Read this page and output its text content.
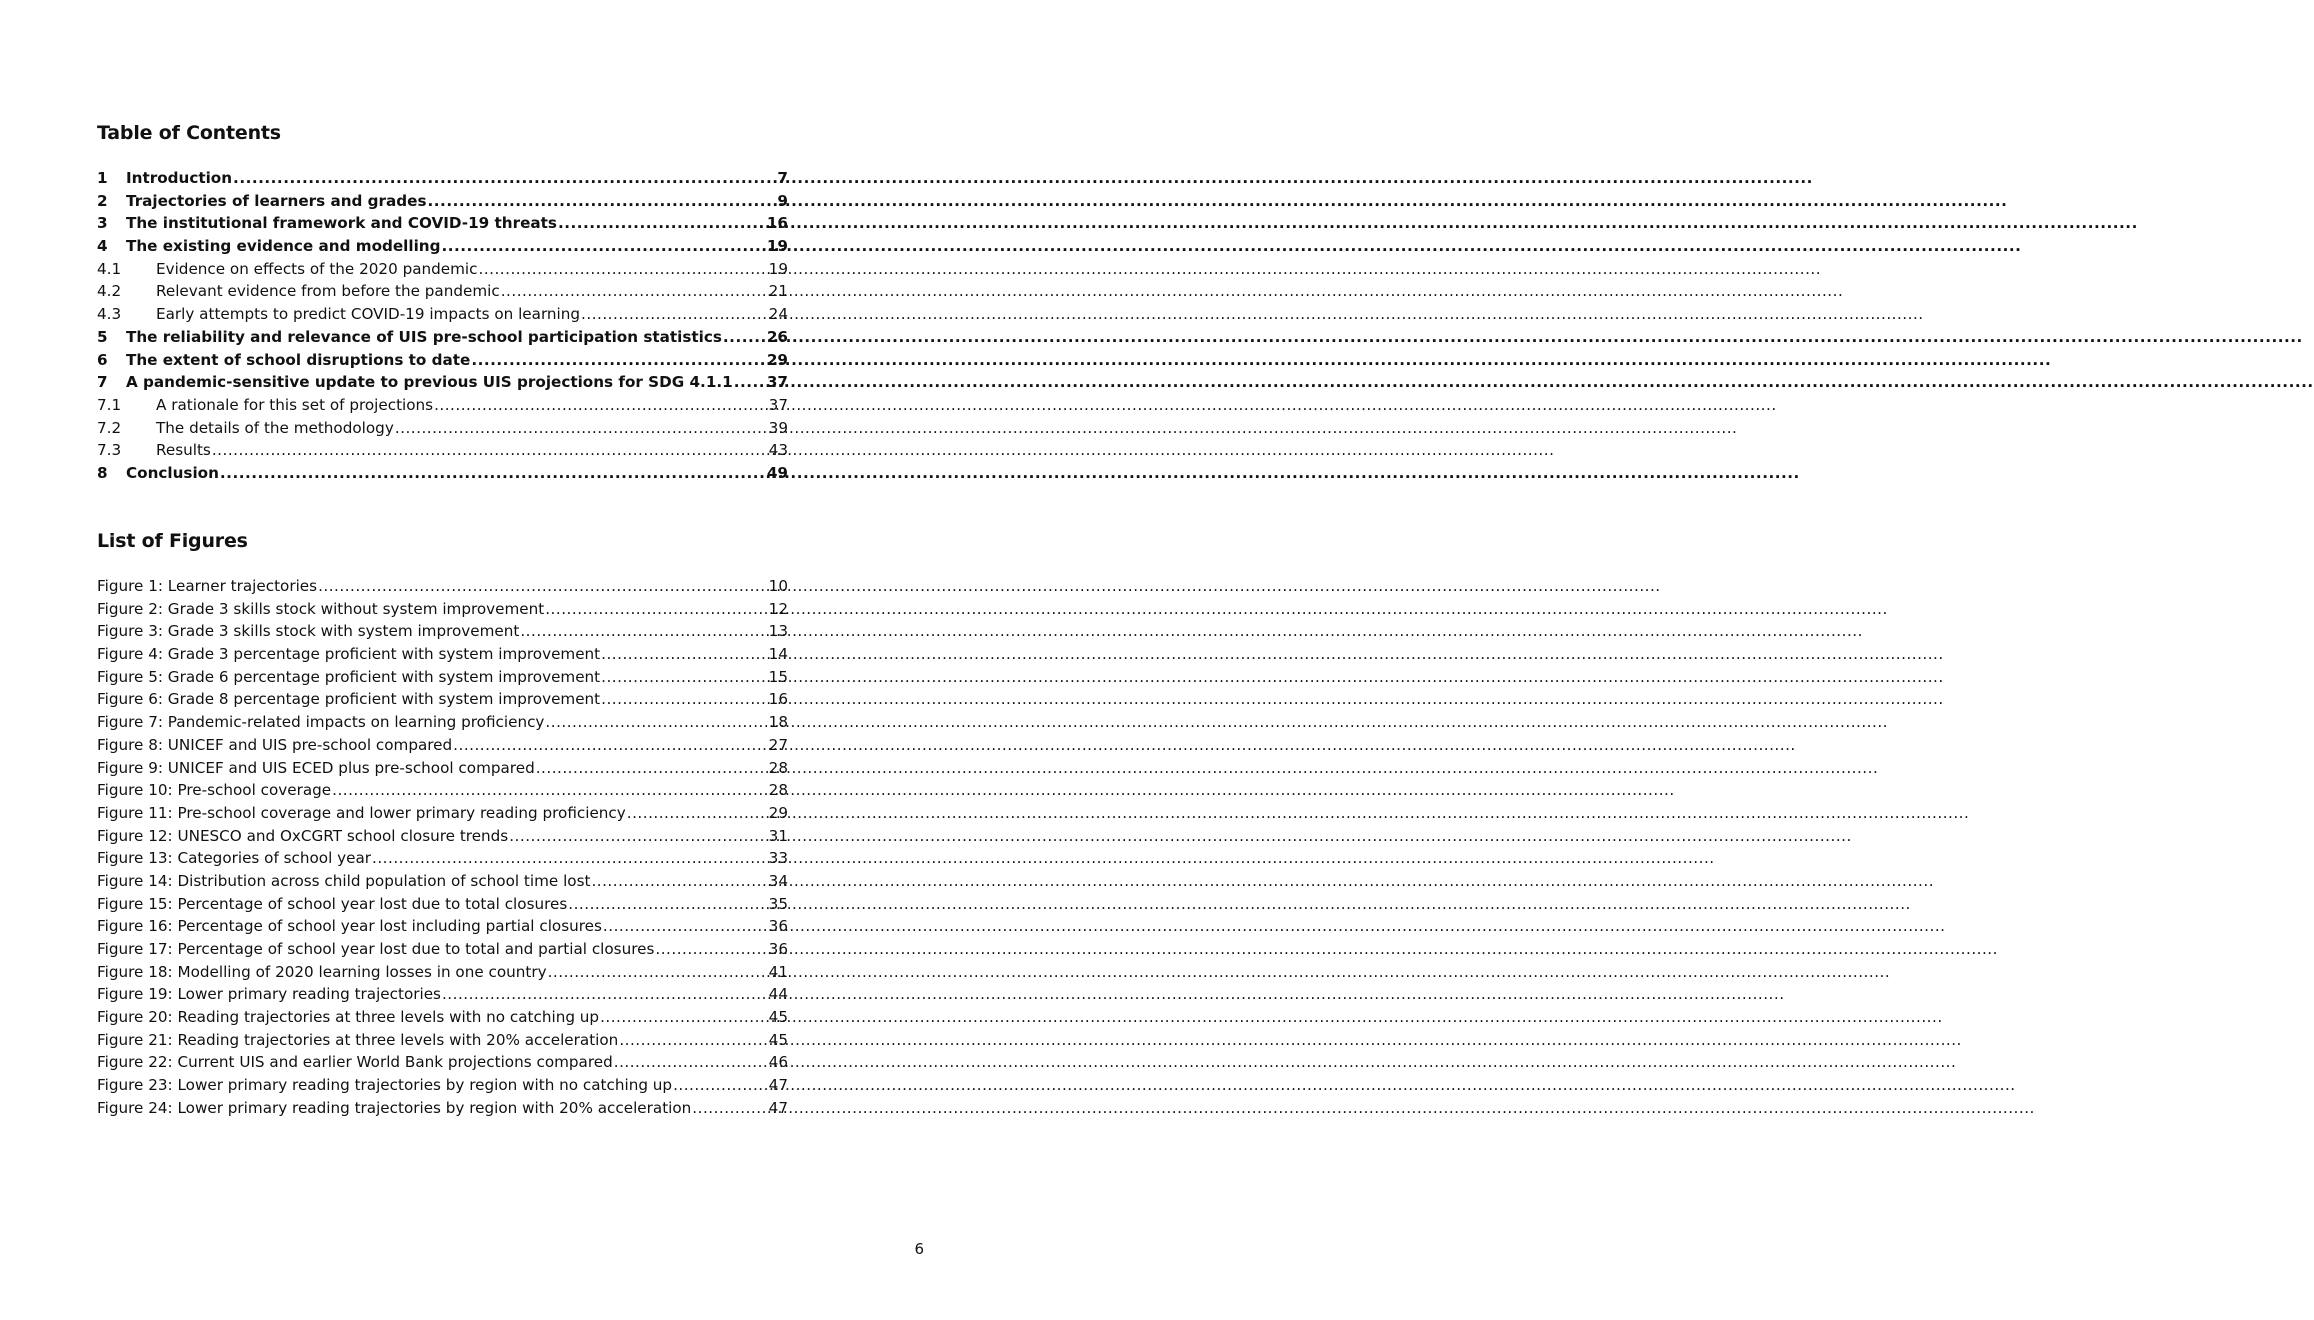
Table of Contents
1	Introduction .....	7
2	Trajectories of learners and grades .....	9
3	The institutional framework and COVID-19 threats .....	16
4	The existing evidence and modelling .....	19
4.1	Evidence on effects of the 2020 pandemic .....	19
4.2	Relevant evidence from before the pandemic .....	21
4.3	Early attempts to predict COVID-19 impacts on learning .....	24
5	The reliability and relevance of UIS pre-school participation statistics .....	26
6	The extent of school disruptions to date .....	29
7	A pandemic-sensitive update to previous UIS projections for SDG 4.1.1 ..... 37
7.1	A rationale for this set of projections .....	37
7.2	The details of the methodology .....	39
7.3	Results .....	43
8	Conclusion .....	49
List of Figures
Figure 1: Learner trajectories .....	10
Figure 2: Grade 3 skills stock without system improvement .....	12
Figure 3: Grade 3 skills stock with system improvement .....	13
Figure 4: Grade 3 percentage proficient with system improvement .....	14
Figure 5: Grade 6 percentage proficient with system improvement .....	15
Figure 6: Grade 8 percentage proficient with system improvement .....	16
Figure 7: Pandemic-related impacts on learning proficiency .....	18
Figure 8: UNICEF and UIS pre-school compared .....	27
Figure 9: UNICEF and UIS ECED plus pre-school compared .....	28
Figure 10: Pre-school coverage .....	28
Figure 11: Pre-school coverage and lower primary reading proficiency .....	29
Figure 12: UNESCO and OxCGRT school closure trends .....	31
Figure 13: Categories of school year .....	33
Figure 14: Distribution across child population of school time lost .....	34
Figure 15: Percentage of school year lost due to total closures .....	35
Figure 16: Percentage of school year lost including partial closures .....	36
Figure 17: Percentage of school year lost due to total and partial closures .....	36
Figure 18: Modelling of 2020 learning losses in one country .....	41
Figure 19: Lower primary reading trajectories .....	44
Figure 20: Reading trajectories at three levels with no catching up .....	45
Figure 21: Reading trajectories at three levels with 20% acceleration .....	45
Figure 22: Current UIS and earlier World Bank projections compared .....	46
Figure 23: Lower primary reading trajectories by region with no catching up .....	47
Figure 24: Lower primary reading trajectories by region with 20% acceleration .....	47
6
